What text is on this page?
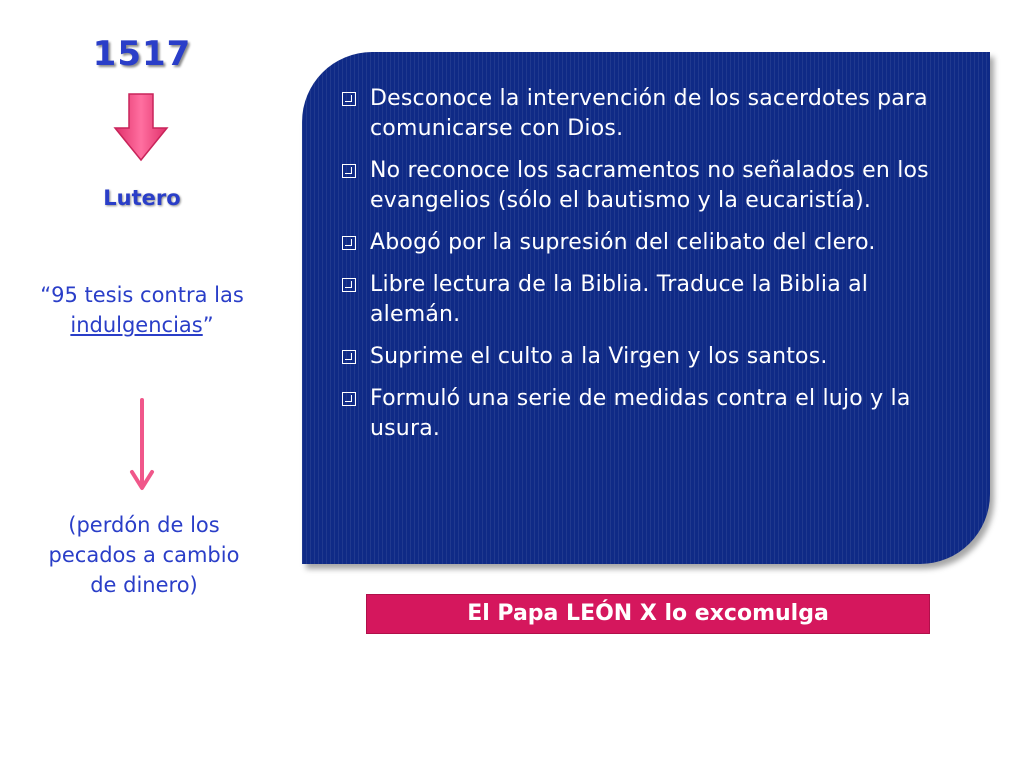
1517
Lutero
“95 tesis contra las indulgencias”
(perdón de los pecados a cambio de dinero)
Desconoce la intervención de los sacerdotes para comunicarse con Dios.
No reconoce los sacramentos no señalados en los evangelios (sólo el bautismo y la eucaristía).
Abogó por la supresión del celibato del clero.
Libre lectura de la Biblia. Traduce la Biblia al alemán.
Suprime el culto a la Virgen y los santos.
Formuló una serie de medidas contra el lujo y la usura.
El Papa LEÓN X lo excomulga
